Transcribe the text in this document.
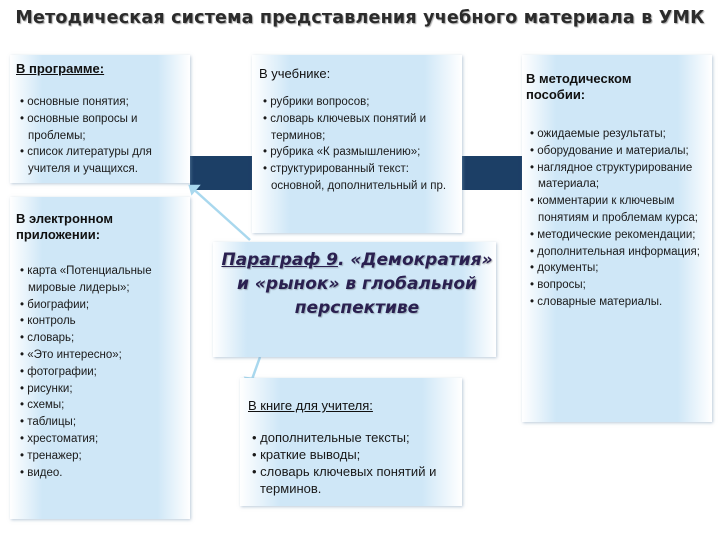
Методическая система представления учебного материала в УМК
В программе:
• основные понятия;
• основные вопросы и проблемы;
• список литературы для учителя и учащихся.
В учебнике:
• рубрики вопросов;
• словарь ключевых понятий и терминов;
• рубрика «К размышлению»;
• структурированный текст: основной, дополнительный и пр.
В методическом пособии:
• ожидаемые результаты;
• оборудование и материалы;
• наглядное структурирование материала;
• комментарии к ключевым понятиям и проблемам курса;
• методические рекомендации;
• дополнительная информация;
• документы;
• вопросы;
• словарные материалы.
В электронном приложении:
• карта «Потенциальные мировые лидеры»;
• биографии;
• контроль
• словарь;
• «Это интересно»;
• фотографии;
• рисунки;
• схемы;
• таблицы;
• хрестоматия;
• тренажер;
• видео.
Параграф 9. «Демократия» и «рынок» в глобальной перспективе
В книге для учителя:
• дополнительные тексты;
• краткие выводы;
• словарь ключевых понятий и терминов.
